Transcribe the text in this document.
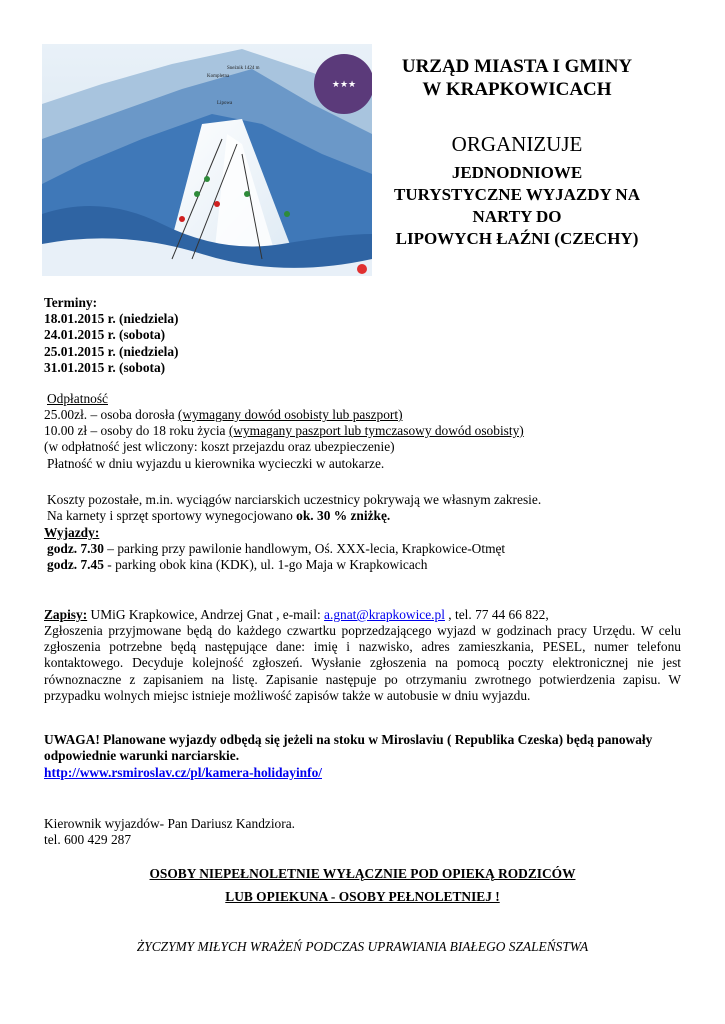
Sneżnik 1424 m
Kompletna
Lipowa
★★★
URZĄD MIASTA I GMINY
W KRAPKOWICACH
ORGANIZUJE
JEDNODNIOWE
TURYSTYCZNE WYJAZDY NA
NARTY DO
LIPOWYCH ŁAŹNI (CZECHY)
Terminy:
18.01.2015 r. (niedziela)
24.01.2015 r. (sobota)
25.01.2015 r. (niedziela)
31.01.2015 r. (sobota)
Odpłatność
25.00zł. – osoba dorosła (wymagany dowód osobisty lub paszport)
10.00 zł – osoby do 18 roku życia (wymagany paszport lub tymczasowy dowód osobisty)
(w odpłatność jest wliczony: koszt przejazdu oraz ubezpieczenie)
Płatność w dniu wyjazdu u kierownika wycieczki w autokarze.
Koszty pozostałe, m.in. wyciągów narciarskich uczestnicy pokrywają we własnym zakresie.
Na karnety i sprzęt sportowy wynegocjowano ok. 30 % zniżkę.
Wyjazdy:
godz. 7.30 – parking przy pawilonie handlowym, Oś. XXX-lecia, Krapkowice-Otmęt
godz. 7.45 - parking obok kina (KDK), ul. 1-go Maja w Krapkowicach
Zapisy: UMiG Krapkowice, Andrzej Gnat , e-mail: a.gnat@krapkowice.pl , tel. 77 44 66 822,
Zgłoszenia przyjmowane będą do każdego czwartku poprzedzającego wyjazd w godzinach pracy Urzędu. W celu zgłoszenia potrzebne będą następujące dane: imię i nazwisko, adres zamieszkania, PESEL, numer telefonu kontaktowego. Decyduje kolejność zgłoszeń. Wysłanie zgłoszenia na pomocą poczty elektronicznej nie jest równoznaczne z zapisaniem na listę. Zapisanie następuje po otrzymaniu zwrotnego potwierdzenia zapisu. W przypadku wolnych miejsc istnieje możliwość zapisów także w autobusie w dniu wyjazdu.
UWAGA! Planowane wyjazdy odbędą się jeżeli na stoku w Miroslaviu ( Republika Czeska) będą panowały odpowiednie warunki narciarskie.
http://www.rsmiroslav.cz/pl/kamera-holidayinfo/
Kierownik wyjazdów- Pan Dariusz Kandziora.
tel. 600 429 287
OSOBY NIEPEŁNOLETNIE WYŁĄCZNIE POD OPIEKĄ RODZICÓW
LUB OPIEKUNA - OSOBY PEŁNOLETNIEJ !
ŻYCZYMY MIŁYCH WRAŻEŃ PODCZAS UPRAWIANIA BIAŁEGO SZALEŃSTWA
